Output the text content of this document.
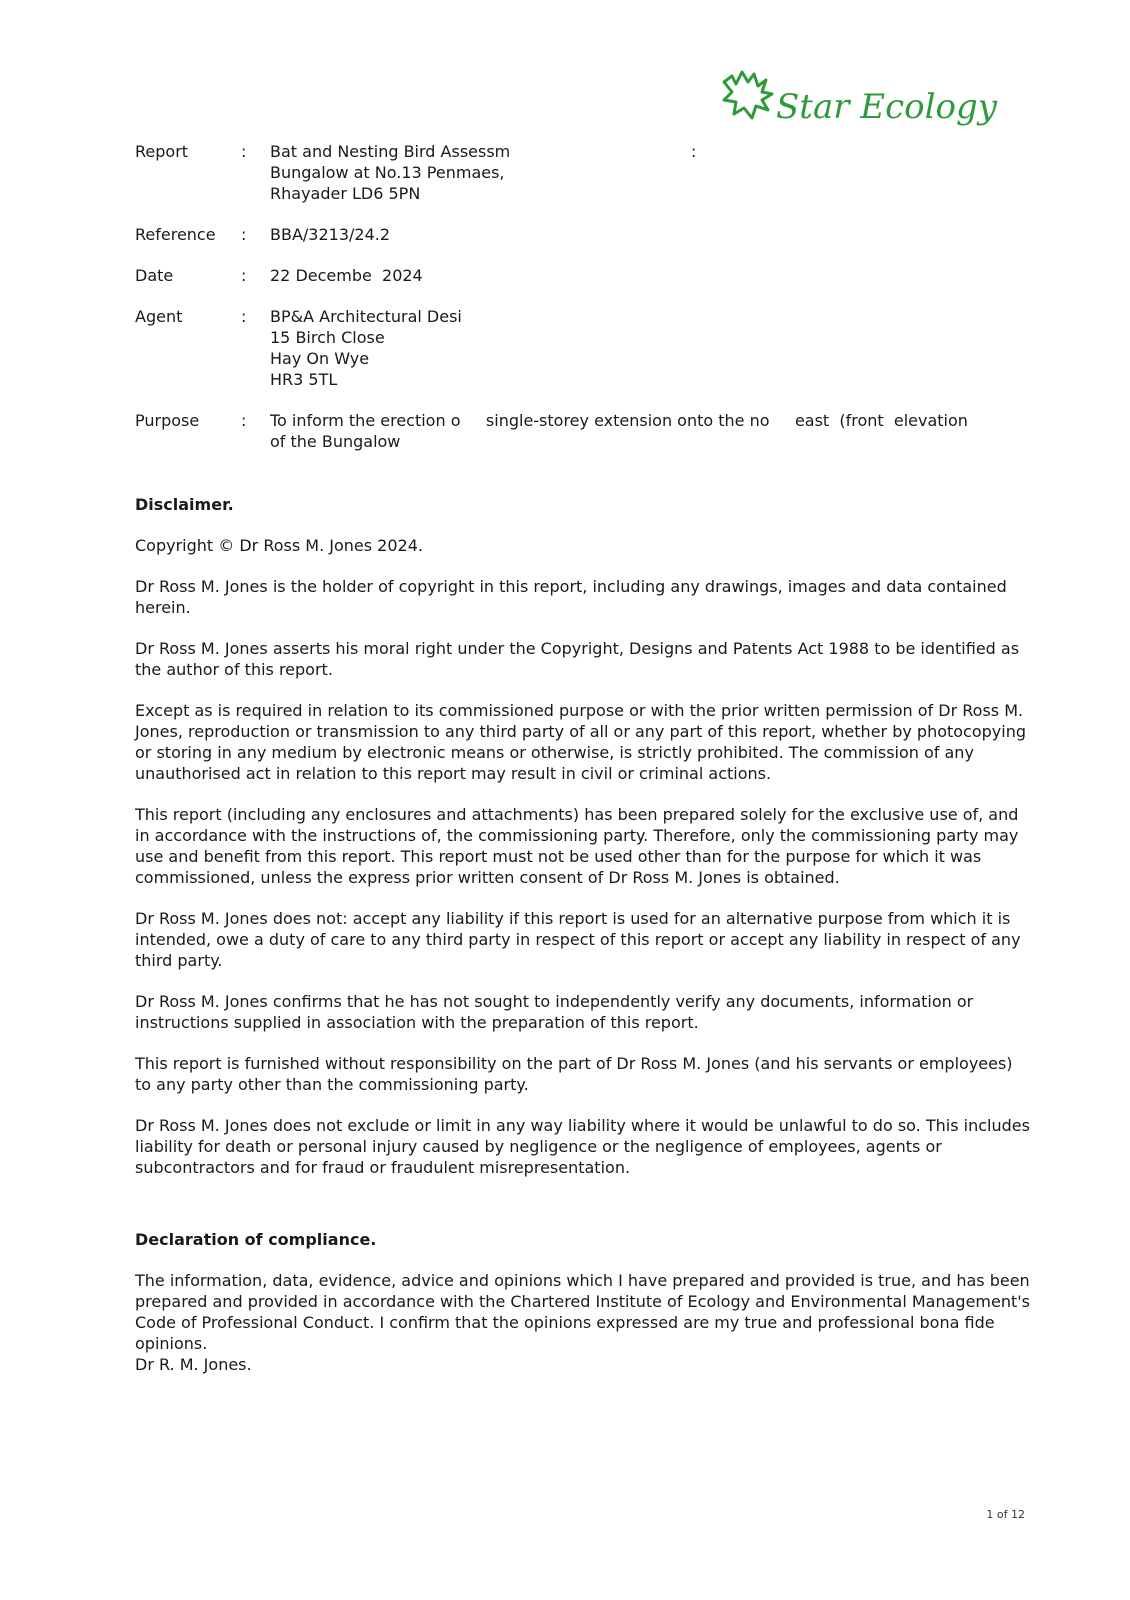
Star Ecology
Report	: Bat and Nesting Bird Assessm
Bungalow at No.13 Penmaes,
Rhayader LD6 5PN
:
Reference	: BBA/3213/24.2
Date	: 22 Decembe  2024
Agent	: BP&A Architectural Desi
15 Birch Close
Hay On Wye
HR3 5TL
Purpose	: To inform the erection o     single-storey extension onto the no     east  (front  elevation
of the Bungalow
Disclaimer.

Copyright © Dr Ross M. Jones 2024.

Dr Ross M. Jones is the holder of copyright in this report, including any drawings, images and data contained herein.

Dr Ross M. Jones asserts his moral right under the Copyright, Designs and Patents Act 1988 to be identified as the author of this report.

Except as is required in relation to its commissioned purpose or with the prior written permission of Dr Ross M. Jones, reproduction or transmission to any third party of all or any part of this report, whether by photocopying or storing in any medium by electronic means or otherwise, is strictly prohibited. The commission of any unauthorised act in relation to this report may result in civil or criminal actions.

This report (including any enclosures and attachments) has been prepared solely for the exclusive use of, and in accordance with the instructions of, the commissioning party. Therefore, only the commissioning party may use and benefit from this report. This report must not be used other than for the purpose for which it was commissioned, unless the express prior written consent of Dr Ross M. Jones is obtained.

Dr Ross M. Jones does not: accept any liability if this report is used for an alternative purpose from which it is intended, owe a duty of care to any third party in respect of this report or accept any liability in respect of any third party.

Dr Ross M. Jones confirms that he has not sought to independently verify any documents, information or instructions supplied in association with the preparation of this report.

This report is furnished without responsibility on the part of Dr Ross M. Jones (and his servants or employees) to any party other than the commissioning party.

Dr Ross M. Jones does not exclude or limit in any way liability where it would be unlawful to do so. This includes liability for death or personal injury caused by negligence or the negligence of employees, agents or subcontractors and for fraud or fraudulent misrepresentation.

Declaration of compliance.

The information, data, evidence, advice and opinions which I have prepared and provided is true, and has been prepared and provided in accordance with the Chartered Institute of Ecology and Environmental Management's Code of Professional Conduct. I confirm that the opinions expressed are my true and professional bona fide opinions.
Dr R. M. Jones.

1 of 12
